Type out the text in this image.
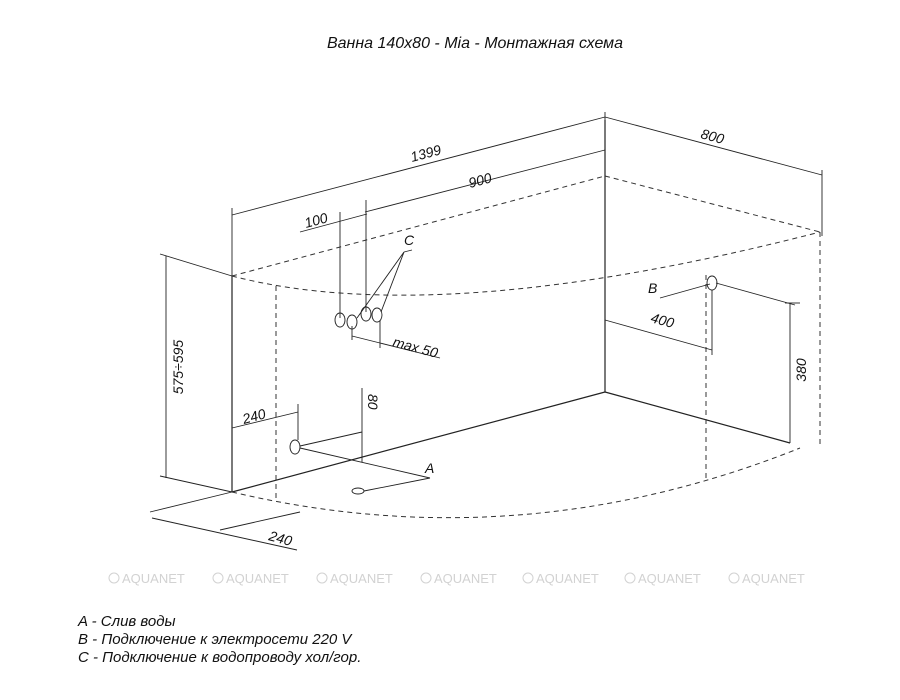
Ванна 140x80 - Mia - Монтажная схема
1399
800
900
100
C
max 50
575÷595
240
80
A
240
400
380
B
AQUANET	AQUANET	AQUANET	AQUANET	AQUANET	AQUANET	AQUANET
A - Слив воды
B - Подключение к электросети 220 V
C - Подключение к водопроводу хол/гор.
